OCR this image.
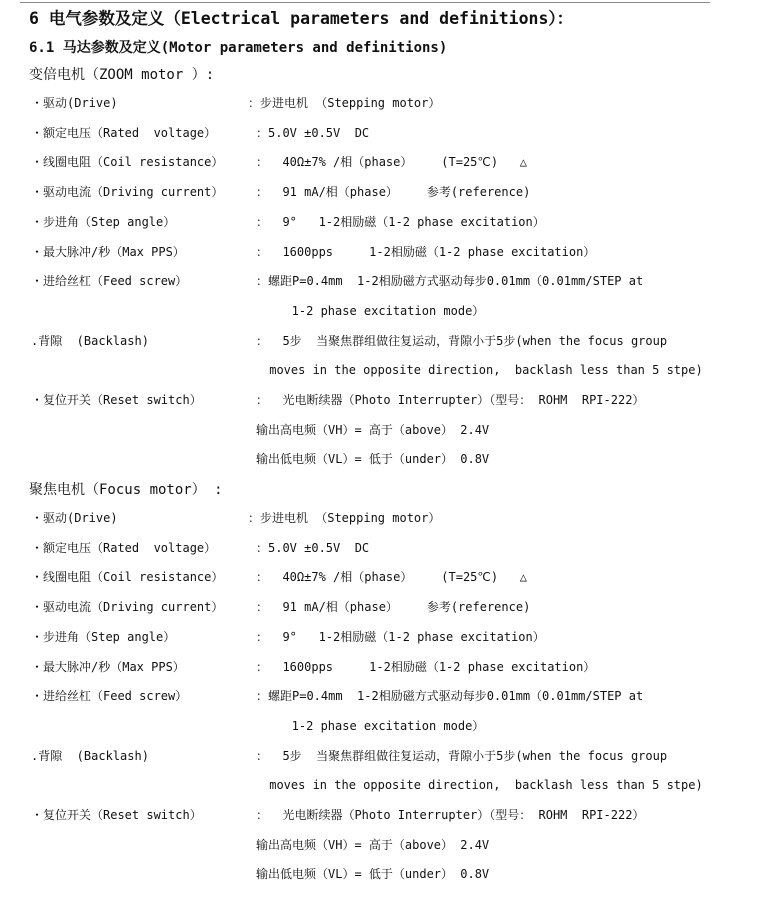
6 电气参数及定义（Electrical parameters and definitions）：
6.1 马达参数及定义(Motor parameters and definitions)
变倍电机（ZOOM motor ）:
・驱动(Drive)	：步进电机 （Stepping motor）
・额定电压（Rated  voltage）	：5.0V ±0.5V  DC
・线圈电阻（Coil resistance）	：  40Ω±7% /相（phase）    (T=25℃)   △
・驱动电流（Driving current）	：  91 mA/相（phase）    参考(reference)
・步进角（Step angle）	：  9°   1-2相励磁（1-2 phase excitation）
・最大脉冲/秒（Max PPS）	：  1600pps     1-2相励磁（1-2 phase excitation）
・进给丝杠（Feed screw）	：螺距P=0.4mm  1-2相励磁方式驱动每步0.01mm（0.01mm/STEP at
1-2 phase excitation mode）
.背隙  (Backlash)	：  5步  当聚焦群组做往复运动，背隙小于5步(when the focus group
moves in the opposite direction,  backlash less than 5 stpe)
・复位开关（Reset switch）	：  光电断续器（Photo Interrupter）（型号： ROHM  RPI-222）
输出高电频（VH）= 高于（above） 2.4V
输出低电频（VL）= 低于（under） 0.8V
聚焦电机（Focus motor） :
・驱动(Drive)	：步进电机 （Stepping motor）
・额定电压（Rated  voltage）	：5.0V ±0.5V  DC
・线圈电阻（Coil resistance）	：  40Ω±7% /相（phase）    (T=25℃)   △
・驱动电流（Driving current）	：  91 mA/相（phase）    参考(reference)
・步进角（Step angle）	：  9°   1-2相励磁（1-2 phase excitation）
・最大脉冲/秒（Max PPS）	：  1600pps     1-2相励磁（1-2 phase excitation）
・进给丝杠（Feed screw）	：螺距P=0.4mm  1-2相励磁方式驱动每步0.01mm（0.01mm/STEP at
1-2 phase excitation mode）
.背隙  (Backlash)	：  5步  当聚焦群组做往复运动，背隙小于5步(when the focus group
moves in the opposite direction,  backlash less than 5 stpe)
・复位开关（Reset switch）	：  光电断续器（Photo Interrupter）（型号： ROHM  RPI-222）
输出高电频（VH）= 高于（above） 2.4V
输出低电频（VL）= 低于（under） 0.8V
